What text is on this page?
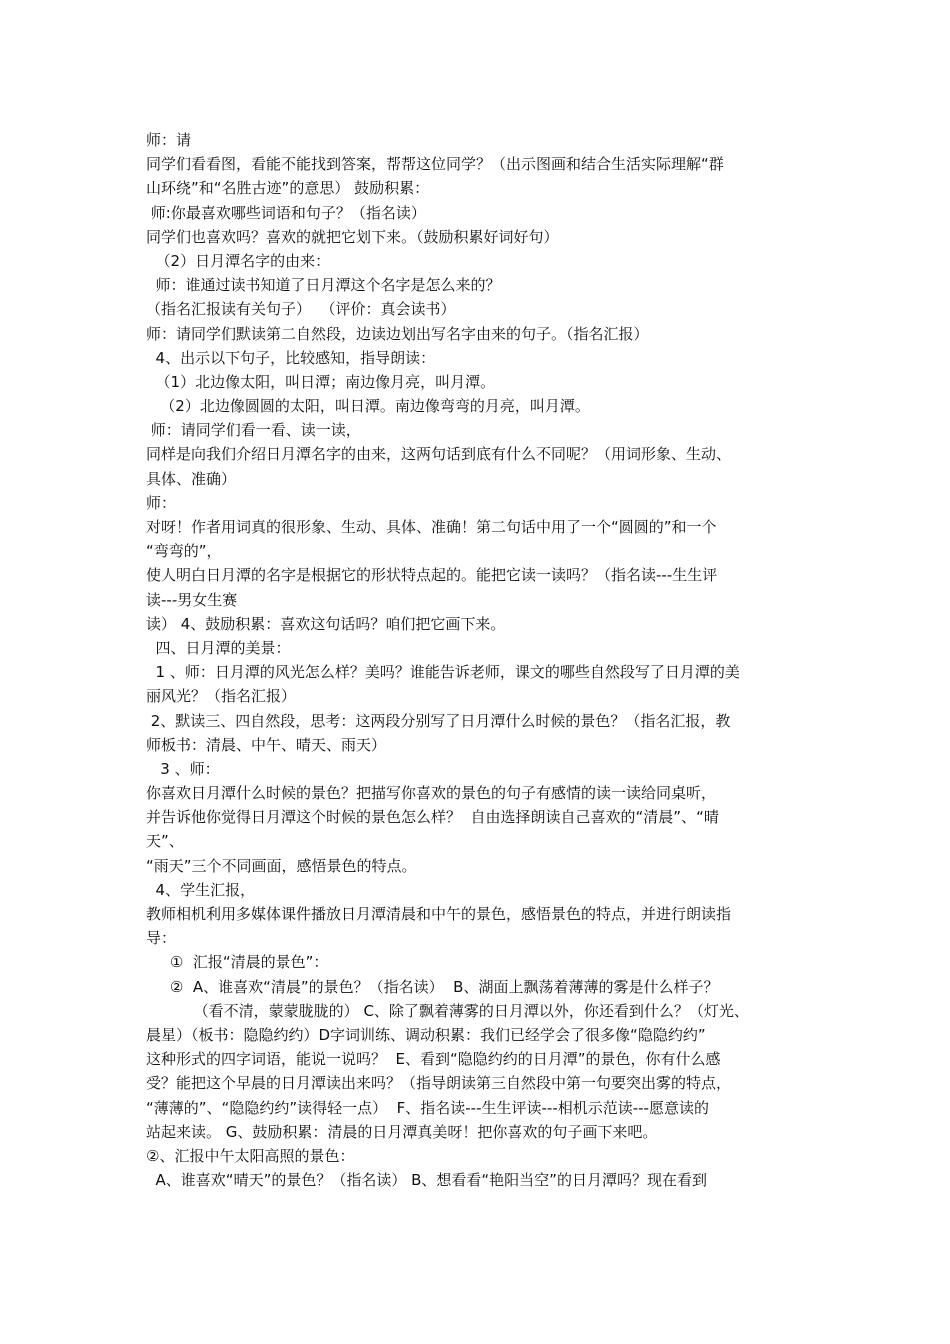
师：请
同学们看看图，看能不能找到答案，帮帮这位同学？（出示图画和结合生活实际理解“群
山环绕”和“名胜古迹”的意思） 鼓励积累：
师:你最喜欢哪些词语和句子？（指名读）
同学们也喜欢吗？喜欢的就把它划下来。（鼓励积累好词好句）
（2）日月潭名字的由来：
师：谁通过读书知道了日月潭这个名字是怎么来的？
（指名汇报读有关句子）  （评价：真会读书）
师：请同学们默读第二自然段，边读边划出写名字由来的句子。（指名汇报）
4、出示以下句子，比较感知，指导朗读：
（1）北边像太阳，叫日潭；南边像月亮，叫月潭。
（2）北边像圆圆的太阳，叫日潭。南边像弯弯的月亮，叫月潭。
师：请同学们看一看、读一读，
同样是向我们介绍日月潭名字的由来，这两句话到底有什么不同呢？（用词形象、生动、
具体、准确）
师：
对呀！作者用词真的很形象、生动、具体、准确！第二句话中用了一个“圆圆的”和一个
“弯弯的”，
使人明白日月潭的名字是根据它的形状特点起的。能把它读一读吗？（指名读---生生评
读---男女生赛
读） 4、鼓励积累：喜欢这句话吗？咱们把它画下来。
四、日月潭的美景：
1 、师：日月潭的风光怎么样？美吗？谁能告诉老师，课文的哪些自然段写了日月潭的美
丽风光？（指名汇报）
2、默读三、四自然段，思考：这两段分别写了日月潭什么时候的景色？（指名汇报，教
师板书：清晨、中午、晴天、雨天）
3 、师：
你喜欢日月潭什么时候的景色？把描写你喜欢的景色的句子有感情的读一读给同桌听，
并告诉他你觉得日月潭这个时候的景色怎么样？  自由选择朗读自己喜欢的“清晨”、“晴
天”、
“雨天”三个不同画面，感悟景色的特点。
4、学生汇报，
教师相机利用多媒体课件播放日月潭清晨和中午的景色，感悟景色的特点，并进行朗读指
导：
①  汇报“清晨的景色”：
②  A、谁喜欢“清晨”的景色？（指名读）  B、湖面上飘荡着薄薄的雾是什么样子？
（看不清，蒙蒙胧胧的） C、除了飘着薄雾的日月潭以外，你还看到什么？（灯光、
晨星）（板书：隐隐约约）D字词训练、调动积累：我们已经学会了很多像“隐隐约约”
这种形式的四字词语，能说一说吗？  E、看到“隐隐约约的日月潭”的景色，你有什么感
受？能把这个早晨的日月潭读出来吗？（指导朗读第三自然段中第一句要突出雾的特点，
“薄薄的”、“隐隐约约”读得轻一点）  F、指名读---生生评读---相机示范读---愿意读的
站起来读。 G、鼓励积累：清晨的日月潭真美呀！把你喜欢的句子画下来吧。
②、汇报中午太阳高照的景色：
A、谁喜欢“晴天”的景色？（指名读） B、想看看“艳阳当空”的日月潭吗？现在看到
